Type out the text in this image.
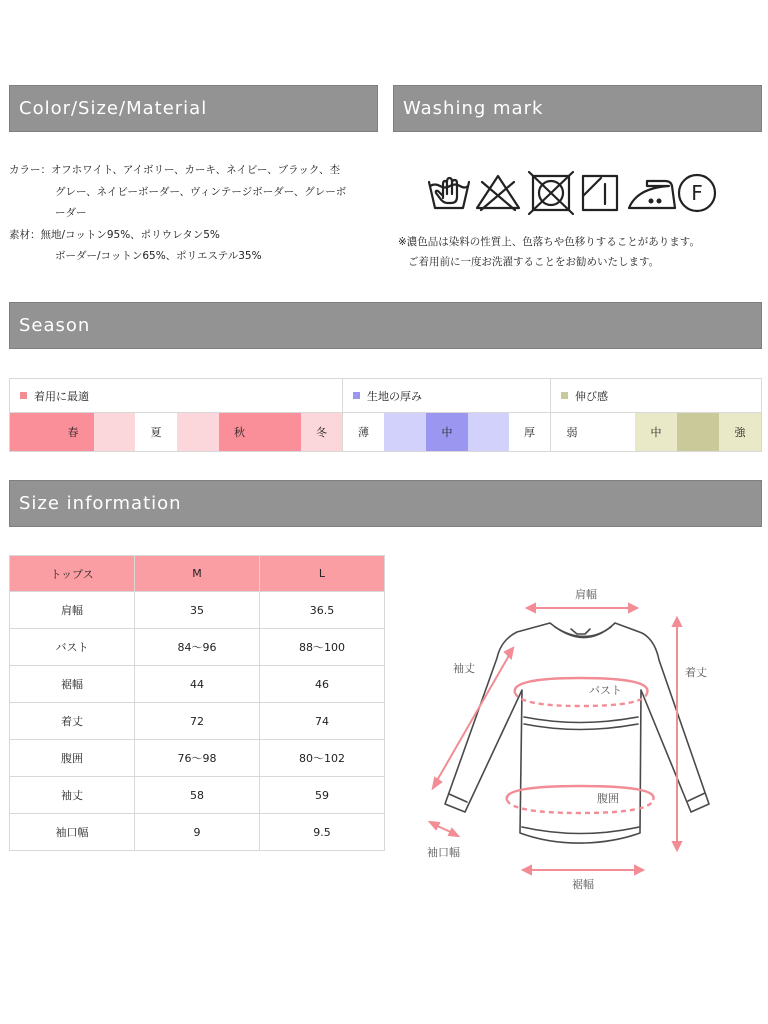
Color/Size/Material	Washing mark
Season
Size information
カラー：オフホワイト、アイボリー、カーキ、ネイビー、ブラック、杢
グレー、ネイビーボーダー、ヴィンテージボーダー、グレーボ
ーダー
素材：無地/コットン95%、ポリウレタン5%
ボーダー/コットン65%、ポリエステル35%
F
※濃色品は染料の性質上、色落ちや色移りすることがあります。
ご着用前に一度お洗濯することをお勧めいたします。
着用に最適	生地の厚み	伸び感
春	夏	秋	冬	薄	中	厚	弱	中	強
トップス	M	L
肩幅	35	36.5
バスト	84〜96	88〜100
裾幅	44	46
着丈	72	74
腹囲	76〜98	80〜102
袖丈	58	59
袖口幅	9	9.5
肩幅
袖丈	着丈
バスト
腹囲
袖口幅
裾幅
